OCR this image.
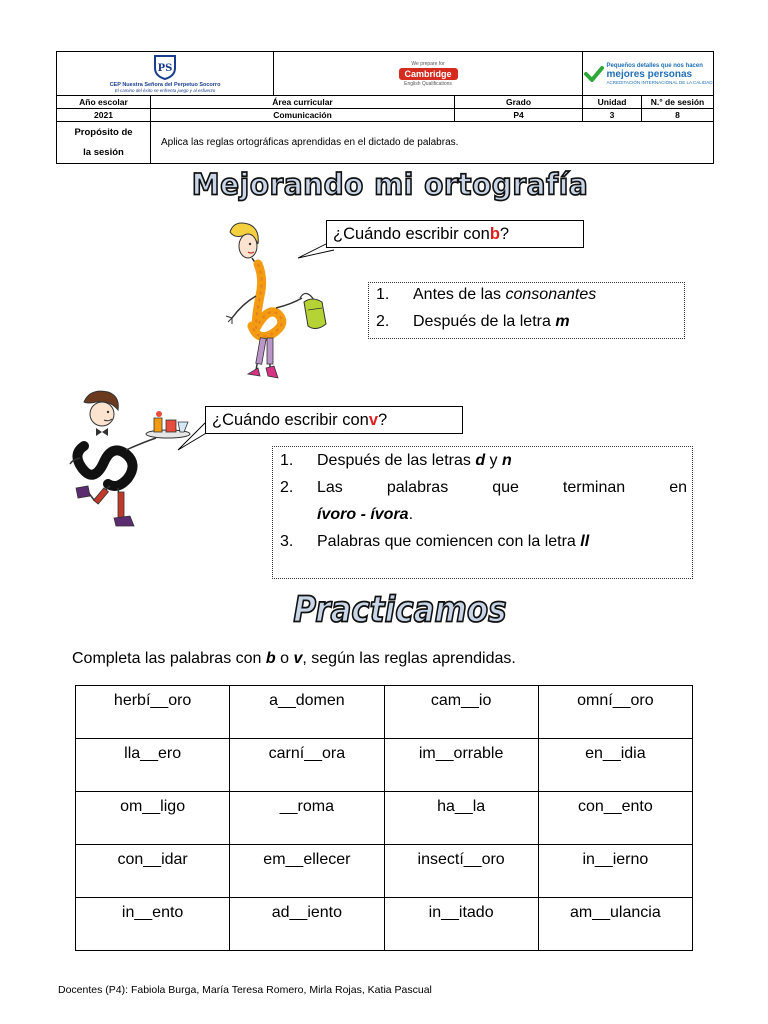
PS
CEP Nuestra Señora del Perpetuo Socorro
El camino del éxito se enfrenta juego y al esfuerzo		We prepare for
Cambridge
English Qualifications		Pequeños detalles que nos hacen
mejores personas
ACREDITACIÓN INTERNACIONAL DE LA CALIDAD	

Año escolar	Área curricular		Grado	Unidad	N.° de sesión
2021	Comunicación		P4	3	8
Propósito de
la sesión	Aplica las reglas ortográficas aprendidas en el dictado de palabras.				
Mejorando mi ortografía
¿Cuándo escribir con b ?
1.	Antes de las consonantes
2.	Después de la letra m
¿Cuándo escribir con v ?
1.	Después de las letras d y n
2.	Las	palabras	que	terminan	en
ívoro - ívora.
3.	Palabras que comiencen con la letra ll
Practicamos
Completa las palabras con b o v, según las reglas aprendidas.
herbí__oro	a__domen	cam__io	omní__oro
lla__ero	carní__ora	im__orrable	en__idia
om__ligo	__roma	ha__la	con__ento
con__idar	em__ellecer	insectí__oro	in__ierno
in__ento	ad__iento	in__itado	am__ulancia
Docentes (P4): Fabiola Burga, María Teresa Romero, Mirla Rojas, Katia Pascual
